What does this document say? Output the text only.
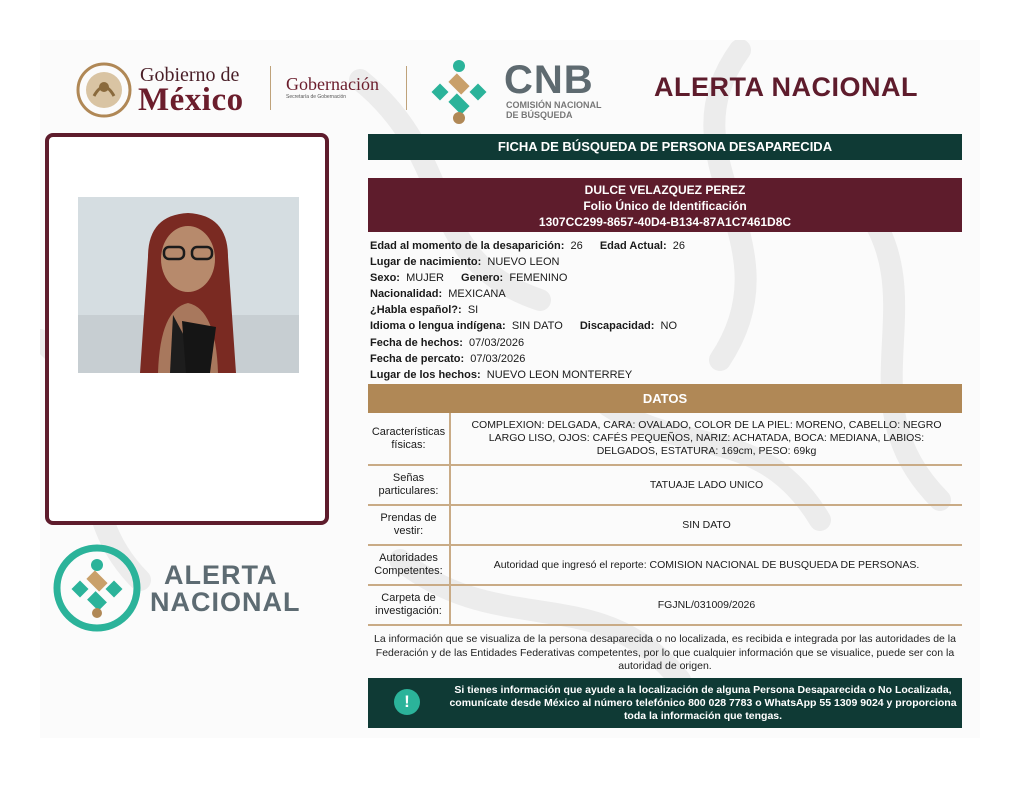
Gobierno de
México Gobernación
Secretaría de Gobernación	CNB
COMISIÓN NACIONAL
DE BÚSQUEDA
ALERTA NACIONAL
ALERTA
NACIONAL
FICHA DE BÚSQUEDA DE PERSONA DESAPARECIDA
DULCE VELAZQUEZ PEREZ
Folio Único de Identificación
1307CC299-8657-40D4-B134-87A1C7461D8C
Edad al momento de la desaparición: 26 Edad Actual: 26
Lugar de nacimiento: NUEVO LEON
Sexo: MUJER Genero: FEMENINO
Nacionalidad: MEXICANA
¿Habla español?: SI
Idioma o lengua indígena: SIN DATO Discapacidad: NO
Fecha de hechos: 07/03/2026
Fecha de percato: 07/03/2026
Lugar de los hechos: NUEVO LEON MONTERREY
DATOS
Características físicas:
COMPLEXION: DELGADA, CARA: OVALADO, COLOR DE LA PIEL: MORENO, CABELLO: NEGRO LARGO LISO, OJOS: CAFÉS PEQUEÑOS, NARIZ: ACHATADA, BOCA: MEDIANA, LABIOS: DELGADOS, ESTATURA: 169cm, PESO: 69kg
Señas particulares:
TATUAJE LADO UNICO
Prendas de vestir:
SIN DATO
Autoridades Competentes:
Autoridad que ingresó el reporte: COMISION NACIONAL DE BUSQUEDA DE PERSONAS.
Carpeta de investigación:
FGJNL/031009/2026
La información que se visualiza de la persona desaparecida o no localizada, es recibida e integrada por las autoridades de la Federación y de las Entidades Federativas competentes, por lo que cualquier información que se visualice, puede ser con la autoridad de origen.
!
Si tienes información que ayude a la localización de alguna Persona Desaparecida o No Localizada, comunícate desde México al número telefónico 800 028 7783 o WhatsApp 55 1309 9024 y proporciona toda la información que tengas.
